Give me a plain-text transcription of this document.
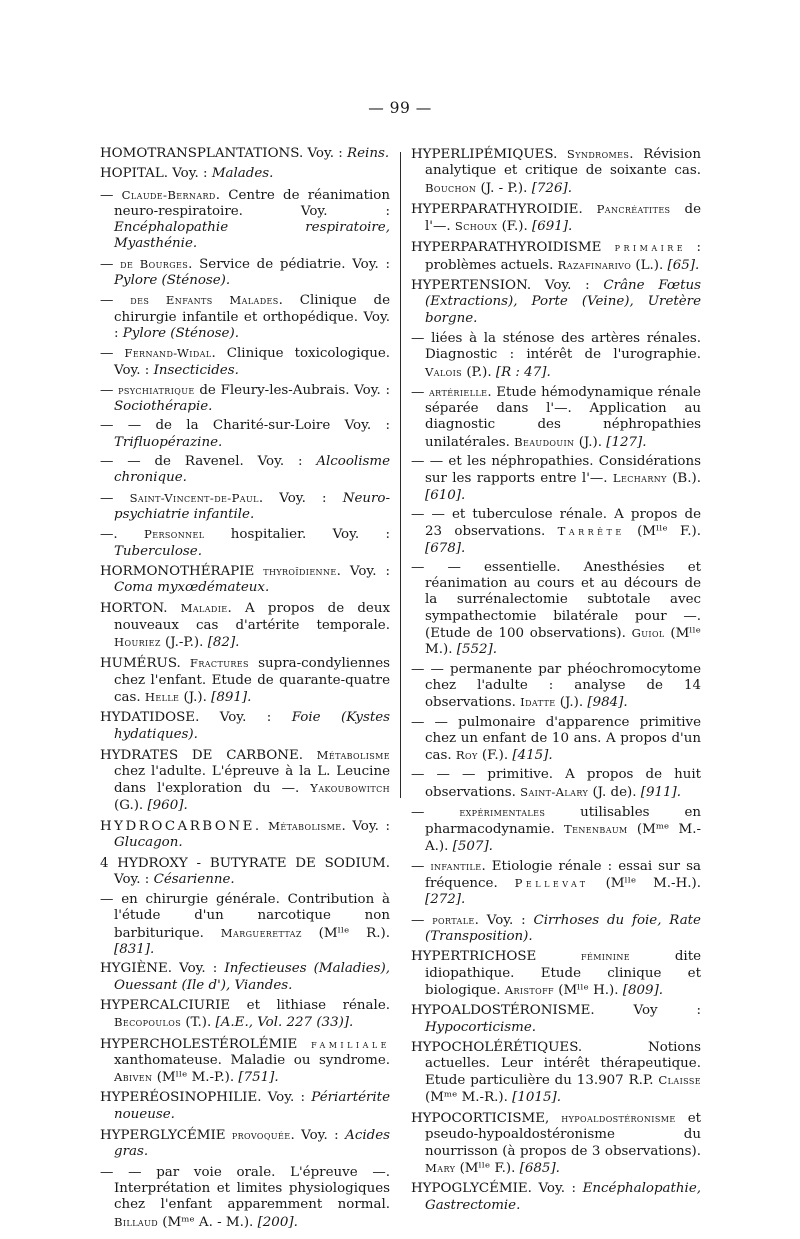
— 99 —

HOMOTRANSPLANTATIONS. Voy. : Reins.

HOPITAL. Voy. : Malades.

— Claude-Bernard. Centre de réanimation neuro-respiratoire. Voy. : Encéphalopathie respiratoire, Myasthénie.

— de Bourges. Service de pédiatrie. Voy. : Pylore (Sténose).

— des Enfants Malades. Clinique de chirurgie infantile et orthopédique. Voy. : Pylore (Sténose).

— Fernand-Widal. Clinique toxicologique. Voy. : Insecticides.

— psychiatrique de Fleury-les-Aubrais. Voy. : Sociothérapie.

— — de la Charité-sur-Loire Voy. : Trifluopérazine.

— — de Ravenel. Voy. : Alcoolisme chronique.

— Saint-Vincent-de-Paul. Voy. : Neuro-psychiatrie infantile.

—. Personnel hospitalier. Voy. : Tuberculose.

HORMONOTHÉRAPIE thyroïdienne. Voy. : Coma myxœdémateux.

HORTON. Maladie. A propos de deux nouveaux cas d'artérite temporale. Houriez (J.-P.). [82].

HUMÉRUS. Fractures supra-condyliennes chez l'enfant. Etude de quarante-quatre cas. Helle (J.). [891].

HYDATIDOSE. Voy. : Foie (Kystes hydatiques).

HYDRATES DE CARBONE. Métabolisme chez l'adulte. L'épreuve à la L. Leucine dans l'exploration du —. Yakoubowitch (G.). [960].

HYDROCARBONE. Métabolisme. Voy. : Glucagon.

4 HYDROXY - BUTYRATE DE SODIUM. Voy. : Césarienne.

— en chirurgie générale. Contribution à l'étude d'un narcotique non barbiturique. Marguerettaz (Mˡˡᵉ R.). [831].

HYGIÈNE. Voy. : Infectieuses (Maladies), Ouessant (Ile d'), Viandes.

HYPERCALCIURIE et lithiase rénale. Becopoulos (T.). [A.E., Vol. 227 (33)].

HYPERCHOLESTÉROLÉMIE familiale xanthomateuse. Maladie ou syndrome. Abiven (Mˡˡᵉ M.-P.). [751].

HYPERÉOSINOPHILIE. Voy. : Périartérite noueuse.

HYPERGLYCÉMIE provoquée. Voy. : Acides gras.

— — par voie orale. L'épreuve —. Interprétation et limites physiologiques chez l'enfant apparemment normal. Billaud (Mᵐᵉ A. - M.). [200].

HYPERLIPÉMIQUES. Syndromes. Révision analytique et critique de soixante cas. Bouchon (J. - P.). [726].

HYPERPARATHYROIDIE. Pancréatites de l'—. Schoux (F.). [691].

HYPERPARATHYROIDISME primaire : problèmes actuels. Razafinarivo (L.). [65].

HYPERTENSION. Voy. : Crâne Fœtus (Extractions), Porte (Veine), Uretère borgne.

— liées à la sténose des artères rénales. Diagnostic : intérêt de l'urographie. Valois (P.). [R : 47].

— artérielle. Etude hémodynamique rénale séparée dans l'—. Application au diagnostic des néphropathies unilatérales. Beaudouin (J.). [127].

— — et les néphropathies. Considérations sur les rapports entre l'—. Lecharny (B.). [610].

— — et tuberculose rénale. A propos de 23 observations. Tarrête (Mˡˡᵉ F.). [678].

— — essentielle. Anesthésies et réanimation au cours et au décours de la surrénalectomie subtotale avec sympathectomie bilatérale pour —. (Etude de 100 observations). Guiol (Mˡˡᵉ M.). [552].

— — permanente par phéochromocytome chez l'adulte : analyse de 14 observations. Idatte (J.). [984].

— — pulmonaire d'apparence primitive chez un enfant de 10 ans. A propos d'un cas. Roy (F.). [415].

— — — primitive. A propos de huit observations. Saint-Alary (J. de). [911].

— expérimentales utilisables en pharmacodynamie. Tenenbaum (Mᵐᵉ M.-A.). [507].

— infantile. Etiologie rénale : essai sur sa fréquence. Pellevat (Mˡˡᵉ M.-H.). [272].

— portale. Voy. : Cirrhoses du foie, Rate (Transposition).

HYPERTRICHOSE féminine dite idiopathique. Etude clinique et biologique. Aristoff (Mˡˡᵉ H.). [809].

HYPOALDOSTÉRONISME. Voy : Hypocorticisme.

HYPOCHOLÉRÉTIQUES. Notions actuelles. Leur intérêt thérapeutique. Etude particulière du 13.907 R.P. Claisse (Mᵐᵉ M.-R.). [1015].

HYPOCORTICISME, hypoaldostéronisme et pseudo-hypoaldostéronisme du nourrisson (à propos de 3 observations). Mary (Mˡˡᵉ F.). [685].

HYPOGLYCÉMIE. Voy. : Encéphalopathie, Gastrectomie.
